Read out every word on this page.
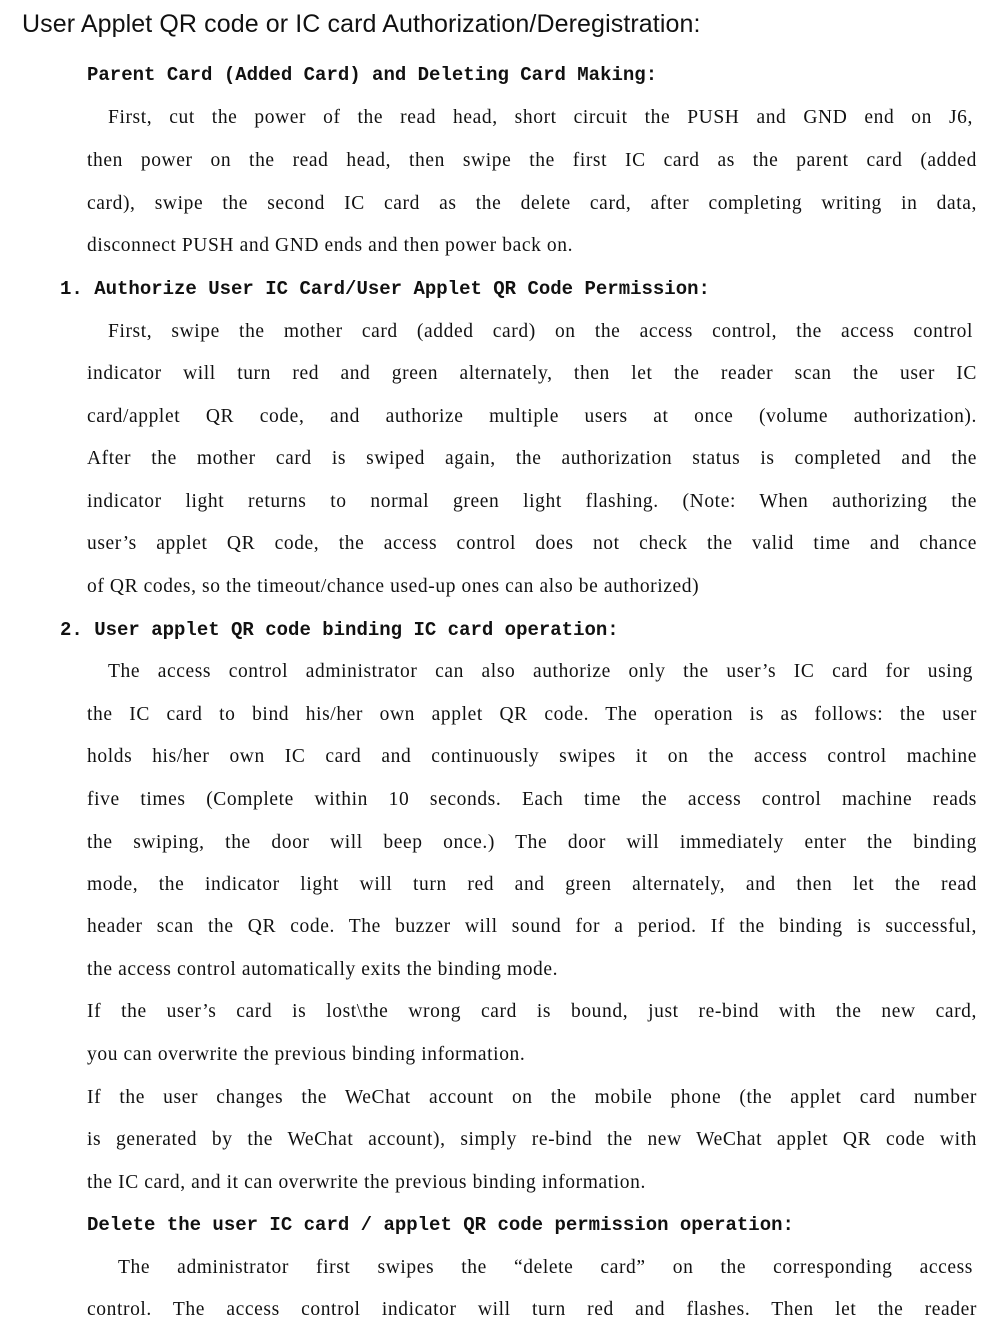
User Applet QR code or IC card Authorization/Deregistration:
Parent Card (Added Card) and Deleting Card Making:

First, cut the power of the read head, short circuit the PUSH and GND end on J6,

then power on the read head, then swipe the first IC card as the parent card (added

card), swipe the second IC card as the delete card, after completing writing in data,

disconnect PUSH and GND ends and then power back on.

1. Authorize User IC Card/User Applet QR Code Permission:

First, swipe the mother card (added card) on the access control, the access control

indicator will turn red and green alternately, then let the reader scan the user IC

card/applet QR code, and authorize multiple users at once (volume authorization).

After the mother card is swiped again, the authorization status is completed and the

indicator light returns to normal green light flashing. (Note: When authorizing the

user’s applet QR code, the access control does not check the valid time and chance

of QR codes, so the timeout/chance used-up ones can also be authorized)

2. User applet QR code binding IC card operation:

The access control administrator can also authorize only the user’s IC card for using

the IC card to bind his/her own applet QR code. The operation is as follows: the user

holds his/her own IC card and continuously swipes it on the access control machine

five times (Complete within 10 seconds. Each time the access control machine reads

the swiping, the door will beep once.) The door will immediately enter the binding

mode, the indicator light will turn red and green alternately, and then let the read

header scan the QR code. The buzzer will sound for a period. If the binding is successful,

the access control automatically exits the binding mode.

If the user’s card is lost\the wrong card is bound, just re-bind with the new card,

you can overwrite the previous binding information.

If the user changes the WeChat account on the mobile phone (the applet card number

is generated by the WeChat account), simply re-bind the new WeChat applet QR code with

the IC card, and it can overwrite the previous binding information.

Delete the user IC card / applet QR code permission operation:

The administrator first swipes the “delete card” on the corresponding access

control. The access control indicator will turn red and flashes. Then let the reader
